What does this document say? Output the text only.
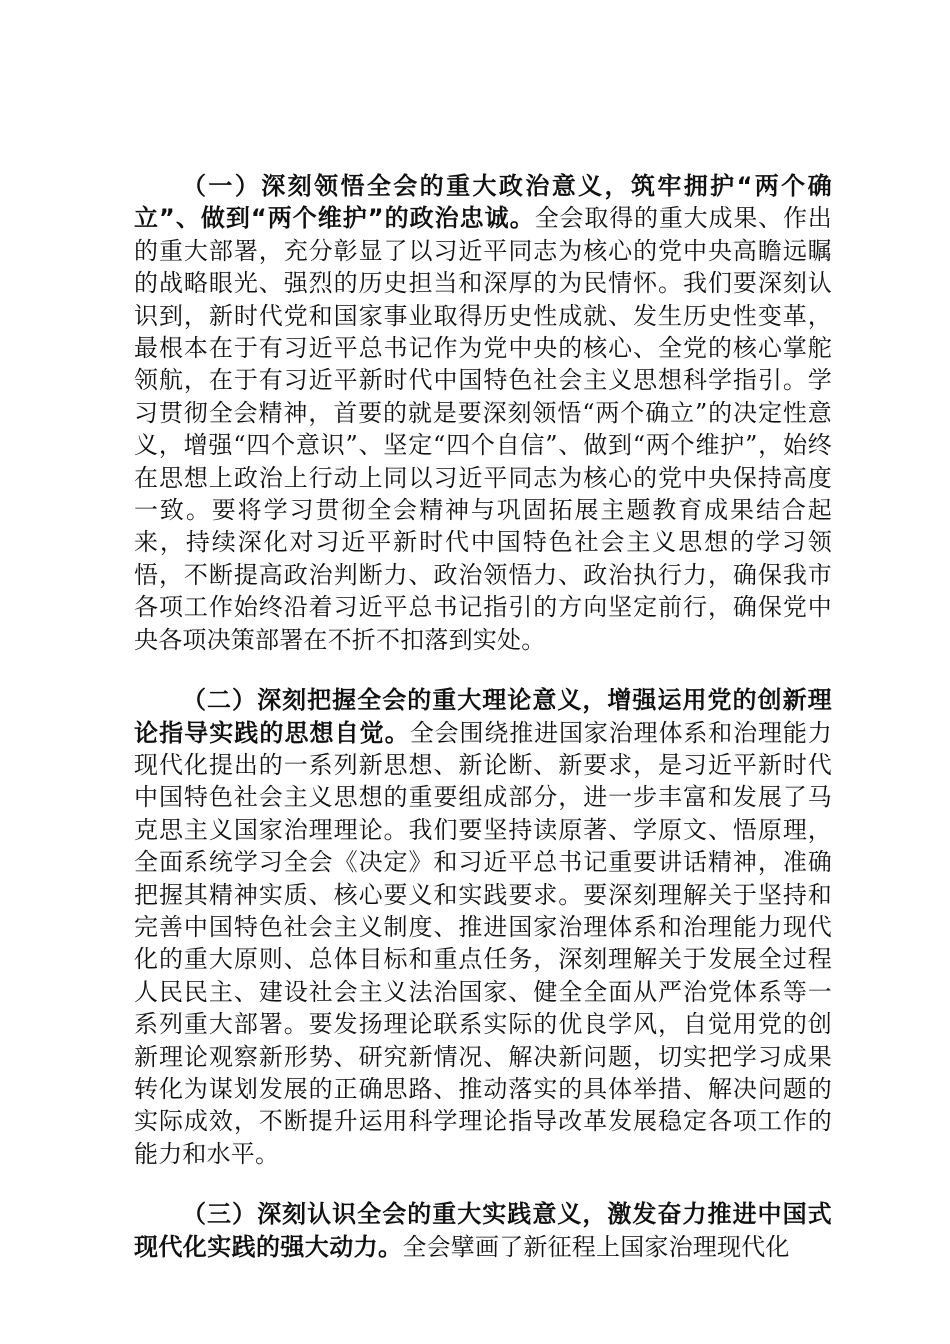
（一）深刻领悟全会的重大政治意义，筑牢拥护“两个确立”、做到“两个维护”的政治忠诚。全会取得的重大成果、作出的重大部署，充分彰显了以习近平同志为核心的党中央高瞻远瞩的战略眼光、强烈的历史担当和深厚的为民情怀。我们要深刻认识到，新时代党和国家事业取得历史性成就、发生历史性变革，最根本在于有习近平总书记作为党中央的核心、全党的核心掌舵领航，在于有习近平新时代中国特色社会主义思想科学指引。学习贯彻全会精神，首要的就是要深刻领悟“两个确立”的决定性意义，增强“四个意识”、坚定“四个自信”、做到“两个维护”，始终在思想上政治上行动上同以习近平同志为核心的党中央保持高度一致。要将学习贯彻全会精神与巩固拓展主题教育成果结合起来，持续深化对习近平新时代中国特色社会主义思想的学习领悟，不断提高政治判断力、政治领悟力、政治执行力，确保我市各项工作始终沿着习近平总书记指引的方向坚定前行，确保党中央各项决策部署在不折不扣落到实处。

（二）深刻把握全会的重大理论意义，增强运用党的创新理论指导实践的思想自觉。全会围绕推进国家治理体系和治理能力现代化提出的一系列新思想、新论断、新要求，是习近平新时代中国特色社会主义思想的重要组成部分，进一步丰富和发展了马克思主义国家治理理论。我们要坚持读原著、学原文、悟原理，全面系统学习全会《决定》和习近平总书记重要讲话精神，准确把握其精神实质、核心要义和实践要求。要深刻理解关于坚持和完善中国特色社会主义制度、推进国家治理体系和治理能力现代化的重大原则、总体目标和重点任务，深刻理解关于发展全过程人民民主、建设社会主义法治国家、健全全面从严治党体系等一系列重大部署。要发扬理论联系实际的优良学风，自觉用党的创新理论观察新形势、研究新情况、解决新问题，切实把学习成果转化为谋划发展的正确思路、推动落实的具体举措、解决问题的实际成效，不断提升运用科学理论指导改革发展稳定各项工作的能力和水平。

（三）深刻认识全会的重大实践意义，激发奋力推进中国式现代化实践的强大动力。全会擘画了新征程上国家治理现代化
